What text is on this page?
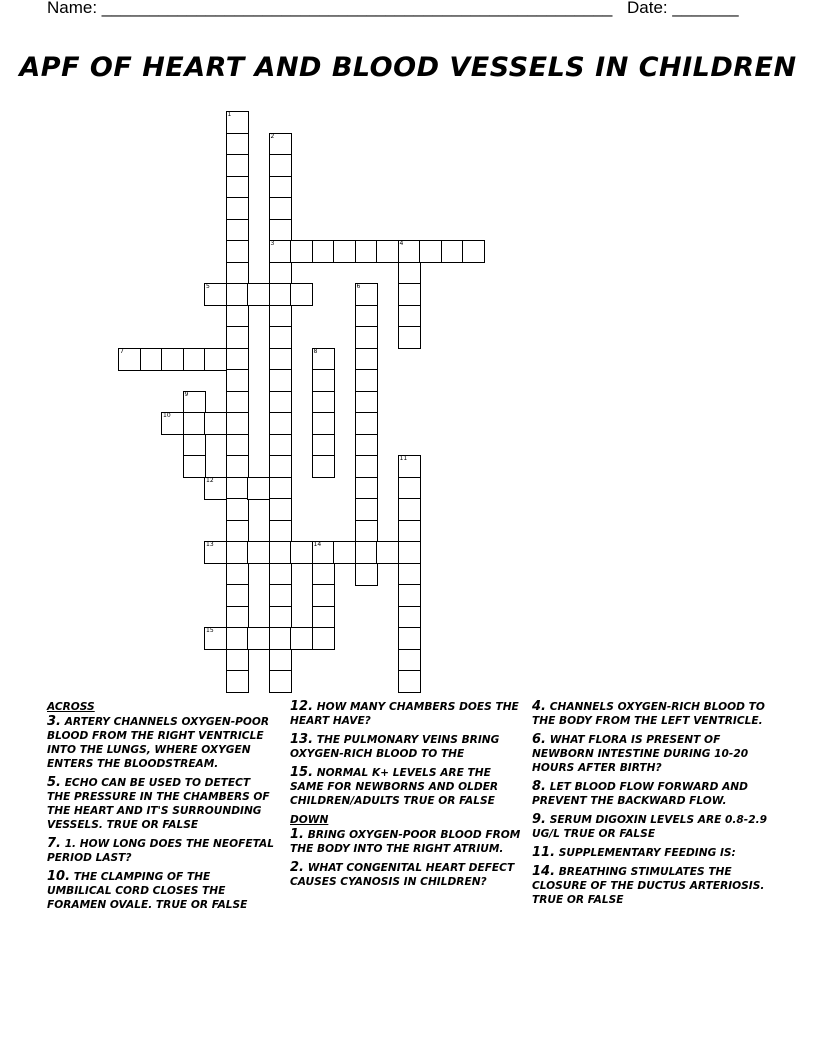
Name: ______________________________________________________ Date: _______
APF OF HEART AND BLOOD VESSELS IN CHILDREN
1
2
3	4
5	6
7	8
9
10
11
12
13	14
15
ACROSS
3. ARTERY CHANNELS OXYGEN-POOR BLOOD FROM THE RIGHT VENTRICLE INTO THE LUNGS, WHERE OXYGEN ENTERS THE BLOODSTREAM.
5. ECHO CAN BE USED TO DETECT THE PRESSURE IN THE CHAMBERS OF THE HEART AND IT'S SURROUNDING VESSELS. TRUE OR FALSE
7. 1. HOW LONG DOES THE NEOFETAL PERIOD LAST?
10. THE CLAMPING OF THE UMBILICAL CORD CLOSES THE FORAMEN OVALE. TRUE OR FALSE
12. HOW MANY CHAMBERS DOES THE HEART HAVE?
13. THE PULMONARY VEINS BRING OXYGEN-RICH BLOOD TO THE
15. NORMAL K+ LEVELS ARE THE SAME FOR NEWBORNS AND OLDER CHILDREN/ADULTS TRUE OR FALSE
DOWN
1. BRING OXYGEN-POOR BLOOD FROM THE BODY INTO THE RIGHT ATRIUM.
2. WHAT CONGENITAL HEART DEFECT CAUSES CYANOSIS IN CHILDREN?
4. CHANNELS OXYGEN-RICH BLOOD TO THE BODY FROM THE LEFT VENTRICLE.
6. WHAT FLORA IS PRESENT OF NEWBORN INTESTINE DURING 10-20 HOURS AFTER BIRTH?
8. LET BLOOD FLOW FORWARD AND PREVENT THE BACKWARD FLOW.
9. SERUM DIGOXIN LEVELS ARE 0.8-2.9 UG/L TRUE OR FALSE
11. SUPPLEMENTARY FEEDING IS:
14. BREATHING STIMULATES THE CLOSURE OF THE DUCTUS ARTERIOSIS. TRUE OR FALSE
